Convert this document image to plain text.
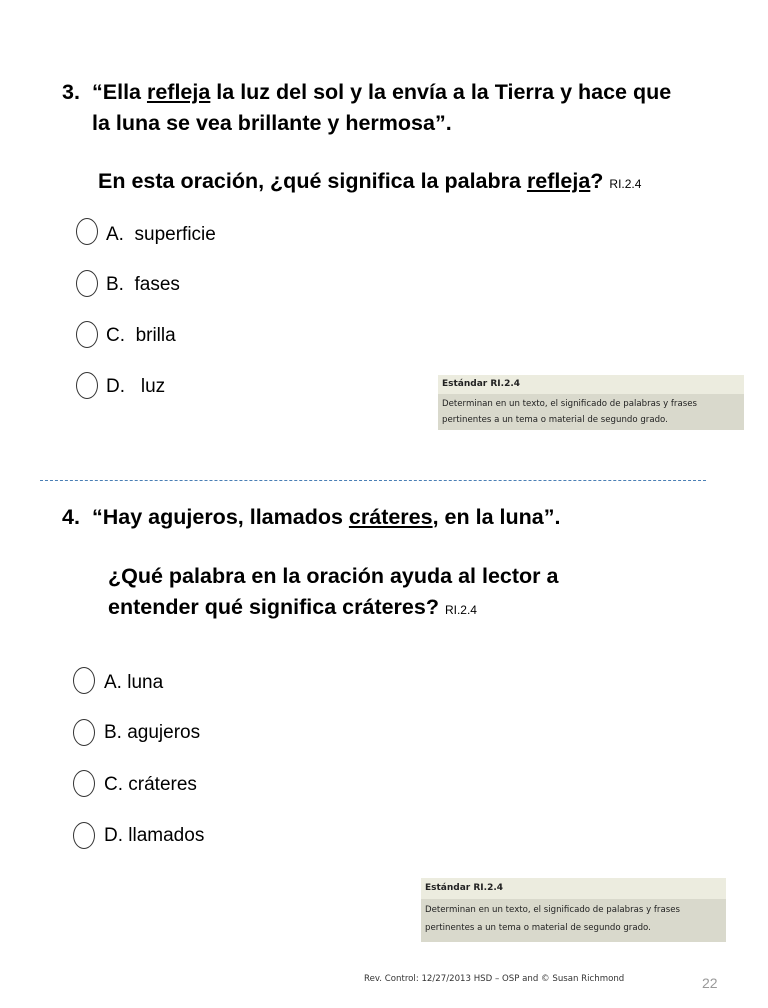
3. “Ella refleja la luz del sol y la envía a la Tierra y hace que
la luna se vea brillante y hermosa”.
En esta oración, ¿qué significa la palabra refleja? RI.2.4
A. superficie
B. fases
C. brilla
D. luz	Estándar RI.2.4
Determinan en un texto, el significado de palabras y frases
pertinentes a un tema o material de segundo grado.
4. “Hay agujeros, llamados cráteres, en la luna”.
¿Qué palabra en la oración ayuda al lector a
entender qué significa cráteres? RI.2.4
A. luna
B. agujeros
C. cráteres
D. llamados
Estándar RI.2.4
Determinan en un texto, el significado de palabras y frases
pertinentes a un tema o material de segundo grado.
Rev. Control: 12/27/2013 HSD – OSP and © Susan Richmond	22
